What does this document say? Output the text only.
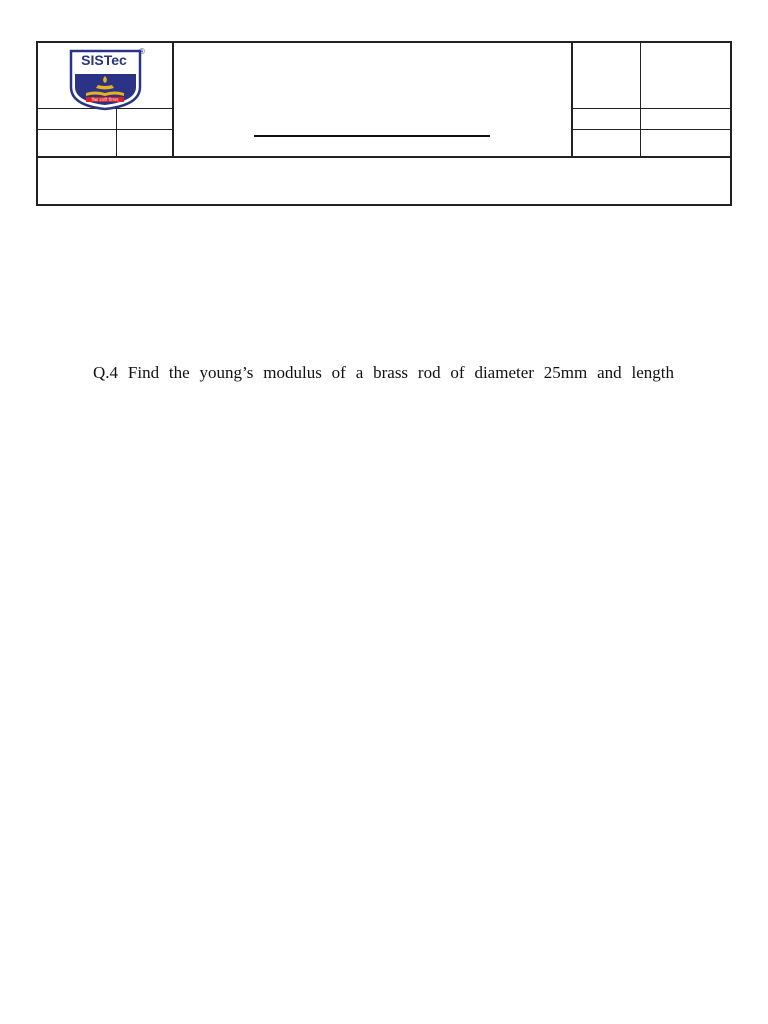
SISTec
®
विद्या ददाति विनयम्
Q.4 Find the young’s modulus of a brass rod of diameter 25mm and length
